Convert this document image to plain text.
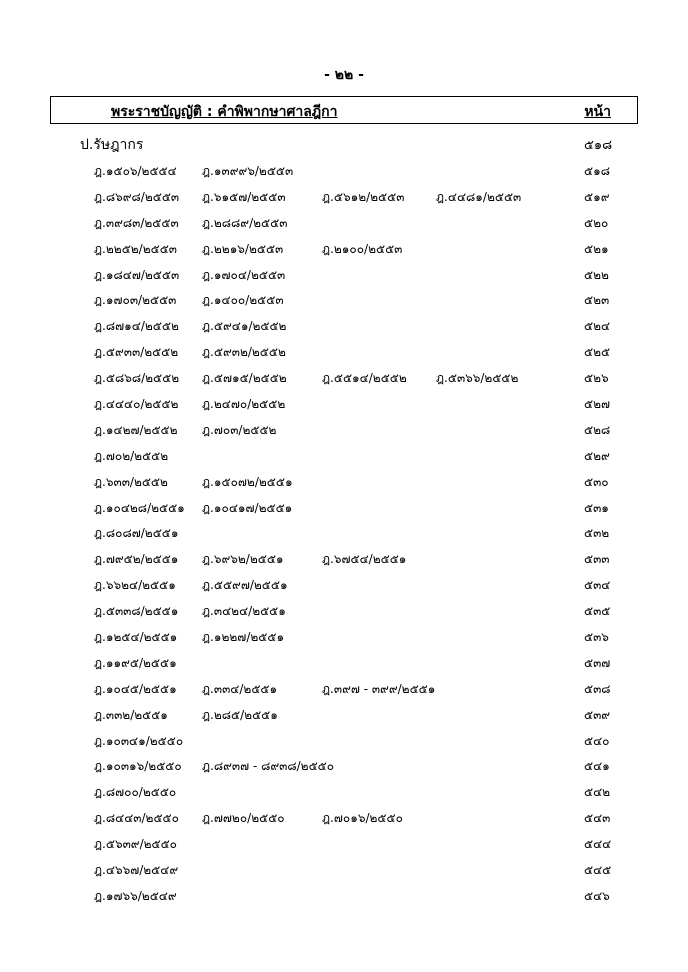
- ๒๒ -
พระราชบัญญัติ : คำพิพากษาศาลฎีกา	หน้า
ป.รัษฎากร	๕๑๘
ฎ.๑๕๐๖/๒๕๕๔ ฎ.๑๓๙๙๖/๒๕๕๓	๕๑๘
ฎ.๘๖๙๘/๒๕๕๓ ฎ.๖๑๕๗/๒๕๕๓	ฎ.๕๖๑๒/๒๕๕๓	ฎ.๔๔๘๑/๒๕๕๓	๕๑๙
ฎ.๓๙๘๓/๒๕๕๓ ฎ.๒๘๘๙/๒๕๕๓	๕๒๐
ฎ.๒๒๕๒/๒๕๕๓ ฎ.๒๒๑๖/๒๕๕๓	ฎ.๒๑๐๐/๒๕๕๓	๕๒๑
ฎ.๑๘๔๗/๒๕๕๓ ฎ.๑๗๐๔/๒๕๕๓	๕๒๒
ฎ.๑๗๐๓/๒๕๕๓ ฎ.๑๔๐๐/๒๕๕๓	๕๒๓
ฎ.๘๗๑๔/๒๕๕๒ ฎ.๕๙๔๑/๒๕๕๒	๕๒๔
ฎ.๕๙๓๓/๒๕๕๒ ฎ.๕๙๓๒/๒๕๕๒	๕๒๕
ฎ.๕๘๖๘/๒๕๕๒ ฎ.๕๗๑๕/๒๕๕๒	ฎ.๕๕๑๔/๒๕๕๒ ฎ.๕๓๖๖/๒๕๕๒	๕๒๖
ฎ.๔๔๔๐/๒๕๕๒ ฎ.๒๔๗๐/๒๕๕๒	๕๒๗
ฎ.๑๔๒๗/๒๕๕๒ ฎ.๗๐๓/๒๕๕๒	๕๒๘
ฎ.๗๐๒/๒๕๕๒	๕๒๙
ฎ.๖๓๓/๒๕๕๒	ฎ.๑๕๐๗๒/๒๕๕๑	๕๓๐
ฎ.๑๐๔๒๘/๒๕๕๑ ฎ.๑๐๔๑๗/๒๕๕๑	๕๓๑
ฎ.๘๐๘๗/๒๕๕๑	๕๓๒
ฎ.๗๙๕๒/๒๕๕๑ ฎ.๖๙๖๒/๒๕๕๑	ฎ.๖๗๕๔/๒๕๕๑	๕๓๓
ฎ.๖๖๒๔/๒๕๕๑ ฎ.๕๕๙๗/๒๕๕๑	๕๓๔
ฎ.๕๓๓๘/๒๕๕๑ ฎ.๓๔๒๔/๒๕๕๑	๕๓๕
ฎ.๑๒๕๔/๒๕๕๑ ฎ.๑๒๒๗/๒๕๕๑	๕๓๖
ฎ.๑๑๙๕/๒๕๕๑	๕๓๗
ฎ.๑๐๔๕/๒๕๕๑ ฎ.๓๓๔/๒๕๕๑	ฎ.๓๙๗ - ๓๙๙/๒๕๕๑	๕๓๘
ฎ.๓๓๒/๒๕๕๑	ฎ.๒๘๕/๒๕๕๑	๕๓๙
ฎ.๑๐๓๔๑/๒๕๕๐	๕๔๐
ฎ.๑๐๓๑๖/๒๕๕๐ ฎ.๘๙๓๗ - ๘๙๓๘/๒๕๕๐	๕๔๑
ฎ.๘๗๐๐/๒๕๕๐	๕๔๒
ฎ.๘๔๔๓/๒๕๕๐ ฎ.๗๗๒๐/๒๕๕๐	ฎ.๗๐๑๖/๒๕๕๐	๕๔๓
ฎ.๕๖๓๙/๒๕๕๐	๕๔๔
ฎ.๔๖๖๗/๒๕๔๙	๕๔๕
ฎ.๑๗๖๖/๒๕๔๙	๕๔๖
